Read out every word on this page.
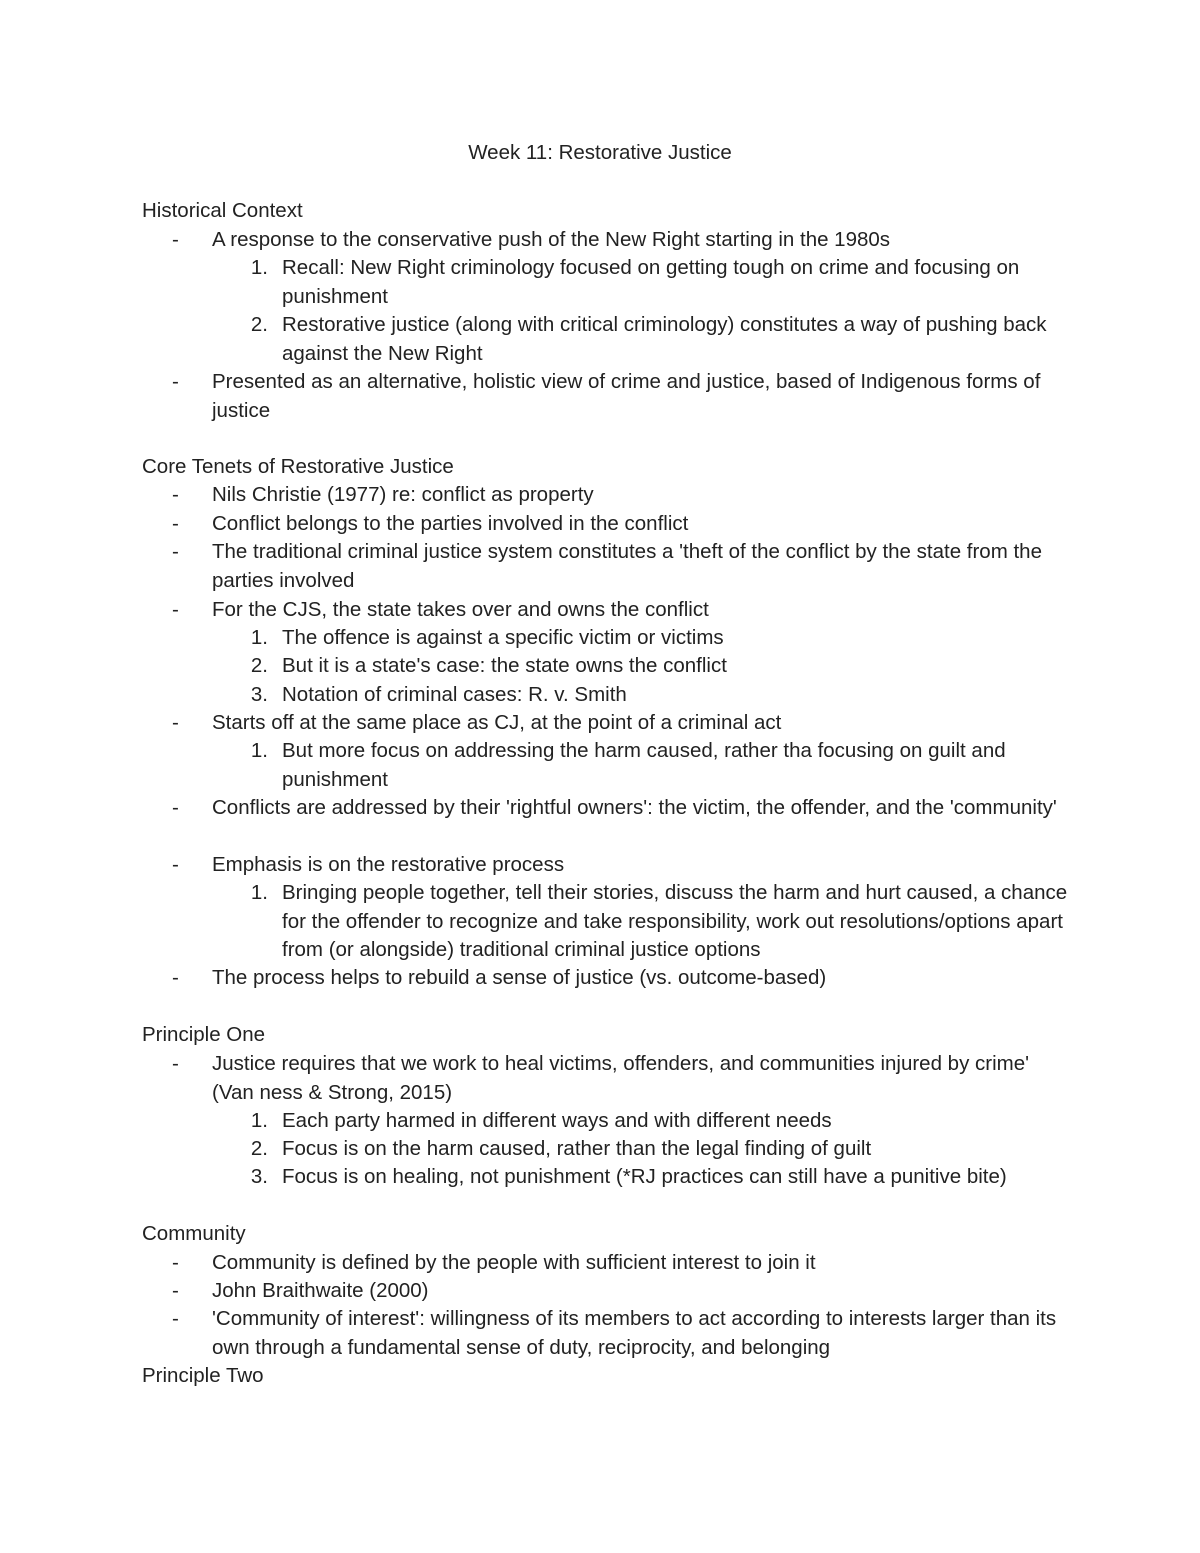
Week 11: Restorative Justice
Historical Context
- A response to the conservative push of the New Right starting in the 1980s
1. Recall: New Right criminology focused on getting tough on crime and focusing on punishment
2. Restorative justice (along with critical criminology) constitutes a way of pushing back against the New Right
- Presented as an alternative, holistic view of crime and justice, based of Indigenous forms of justice
Core Tenets of Restorative Justice
- Nils Christie (1977) re: conflict as property
- Conflict belongs to the parties involved in the conflict
- The traditional criminal justice system constitutes a 'theft of the conflict by the state from the parties involved
- For the CJS, the state takes over and owns the conflict
1. The offence is against a specific victim or victims
2. But it is a state's case: the state owns the conflict
3. Notation of criminal cases: R. v. Smith
- Starts off at the same place as CJ, at the point of a criminal act
1. But more focus on addressing the harm caused, rather tha focusing on guilt and punishment
- Conflicts are addressed by their 'rightful owners': the victim, the offender, and the 'community'
- Emphasis is on the restorative process
1. Bringing people together, tell their stories, discuss the harm and hurt caused, a chance for the offender to recognize and take responsibility, work out resolutions/options apart from (or alongside) traditional criminal justice options
- The process helps to rebuild a sense of justice (vs. outcome-based)
Principle One
- Justice requires that we work to heal victims, offenders, and communities injured by crime' (Van ness & Strong, 2015)
1. Each party harmed in different ways and with different needs
2. Focus is on the harm caused, rather than the legal finding of guilt
3. Focus is on healing, not punishment (*RJ practices can still have a punitive bite)
Community
- Community is defined by the people with sufficient interest to join it
- John Braithwaite (2000)
- 'Community of interest': willingness of its members to act according to interests larger than its own through a fundamental sense of duty, reciprocity, and belonging
Principle Two
